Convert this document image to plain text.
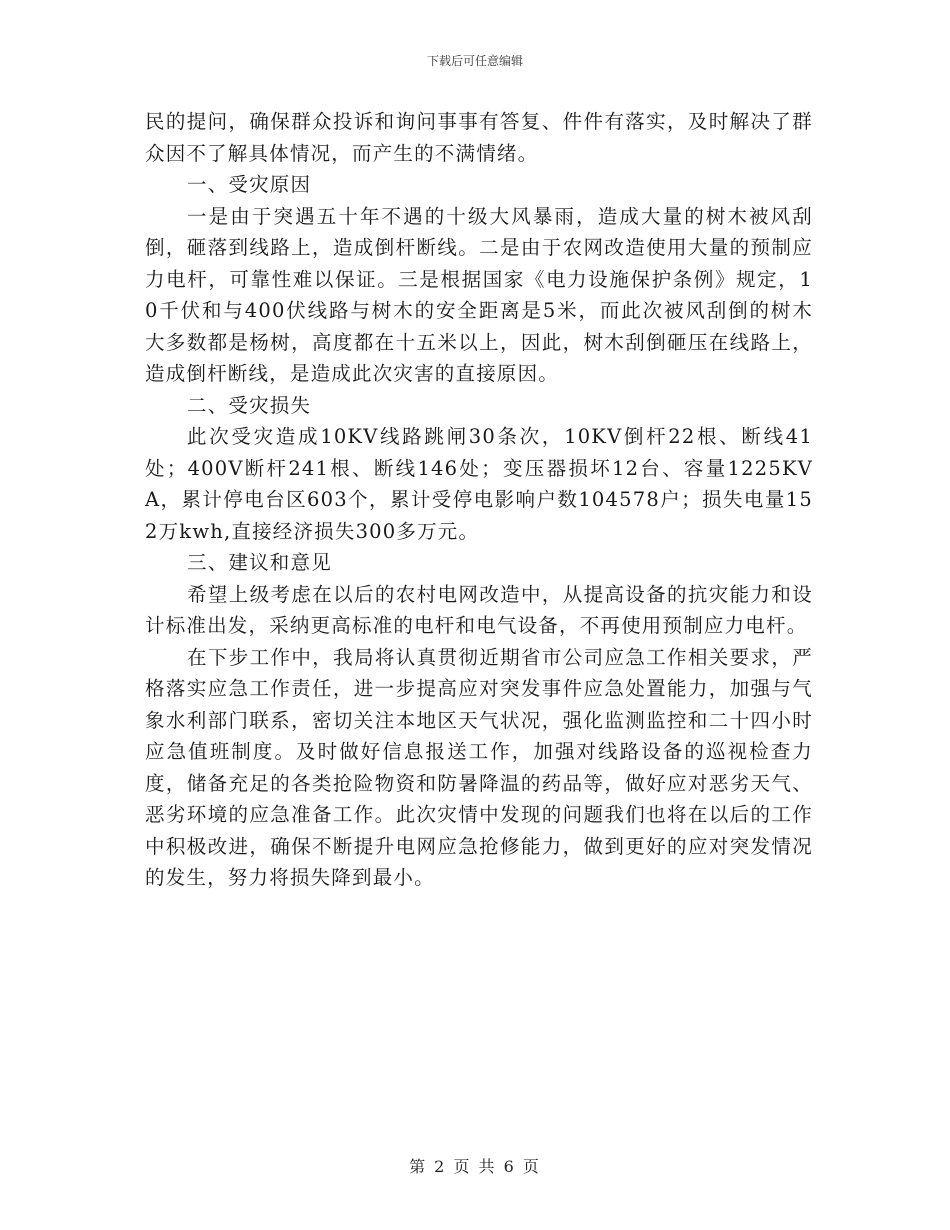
下载后可任意编辑

民的提问，确保群众投诉和询问事事有答复、件件有落实，及时解决了群众因不了解具体情况，而产生的不满情绪。

一、受灾原因

一是由于突遇五十年不遇的十级大风暴雨，造成大量的树木被风刮倒，砸落到线路上，造成倒杆断线。二是由于农网改造使用大量的预制应力电杆，可靠性难以保证。三是根据国家《电力设施保护条例》规定，10千伏和与400伏线路与树木的安全距离是5米，而此次被风刮倒的树木大多数都是杨树，高度都在十五米以上，因此，树木刮倒砸压在线路上，造成倒杆断线，是造成此次灾害的直接原因。

二、受灾损失

此次受灾造成10KV线路跳闸30条次，10KV倒杆22根、断线41处；400V断杆241根、断线146处；变压器损坏12台、容量1225KVA，累计停电台区603个，累计受停电影响户数104578户；损失电量152万kwh,直接经济损失300多万元。

三、建议和意见

希望上级考虑在以后的农村电网改造中，从提高设备的抗灾能力和设计标准出发，采纳更高标准的电杆和电气设备，不再使用预制应力电杆。

在下步工作中，我局将认真贯彻近期省市公司应急工作相关要求，严格落实应急工作责任，进一步提高应对突发事件应急处置能力，加强与气象水利部门联系，密切关注本地区天气状况，强化监测监控和二十四小时应急值班制度。及时做好信息报送工作，加强对线路设备的巡视检查力度，储备充足的各类抢险物资和防暑降温的药品等，做好应对恶劣天气、恶劣环境的应急准备工作。此次灾情中发现的问题我们也将在以后的工作中积极改进，确保不断提升电网应急抢修能力，做到更好的应对突发情况的发生，努力将损失降到最小。

第 2 页 共 6 页
